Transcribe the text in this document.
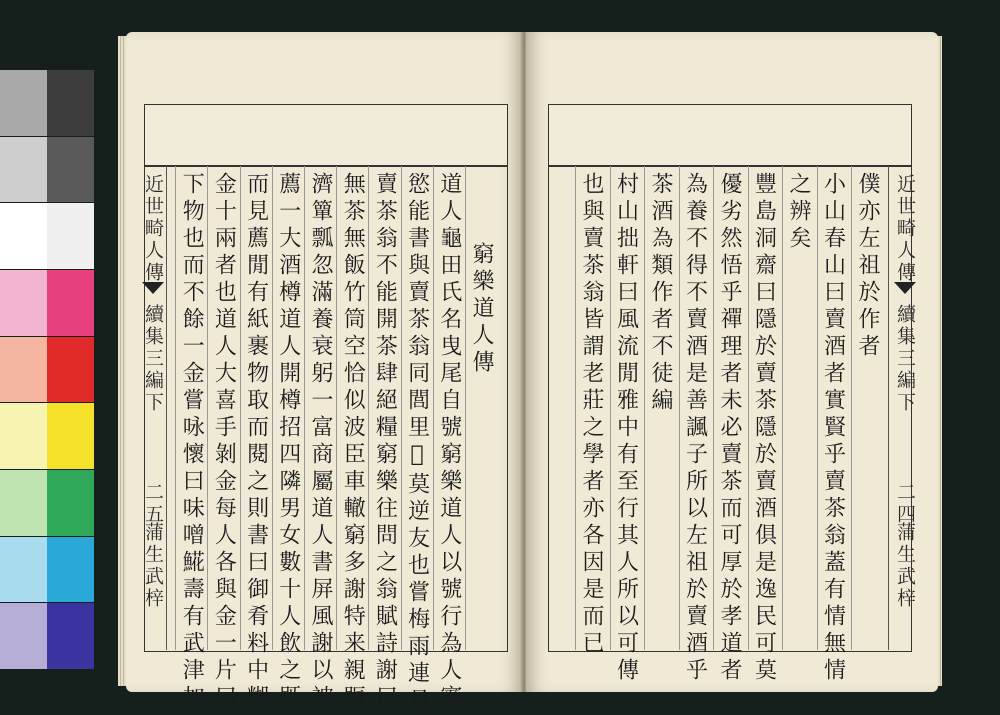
近世畸人傳
續集三編下
二五
蒲生武梓
窮樂道人傳
道人龜田氏名曳尾自號窮樂道人以號行為人寡
慾能書與賣茶翁同閭里𦂶莫逆友也嘗梅雨連月
賣茶翁不能開茶肆絕糧窮樂往問之翁賦詩謝曰
無茶無飯竹筒空恰似波臣車轍窮多謝特来親賑
濟簞瓢忽滿養衰躬一富商屬道人書屏風謝以被
薦一大酒樽道人開樽招四隣男女數十人飲之既
而見薦閒有紙裹物取而閱之則書曰御肴料中糊
金十兩者也道人大喜手剝金每人各與金一片曰
下物也而不餘一金嘗咏懷曰味噌𩸽壽有武津加	近世畸人傳
續集三編下
二四
蒲生武梓
僕亦左祖於作者
小山春山曰賣酒者實賢乎賣茶翁蓋有情無情
之辨矣
豐島洞齋曰隱於賣茶隱於賣酒俱是逸民可莫
優劣然悟乎禪理者未必賣茶而可厚於孝道者
為養不得不賣酒是善諷子所以左祖於賣酒乎
茶酒為類作者不徒編
村山拙軒曰風流閒雅中有至行其人所以可傳
也與賣茶翁皆謂老莊之學者亦各因是而已
